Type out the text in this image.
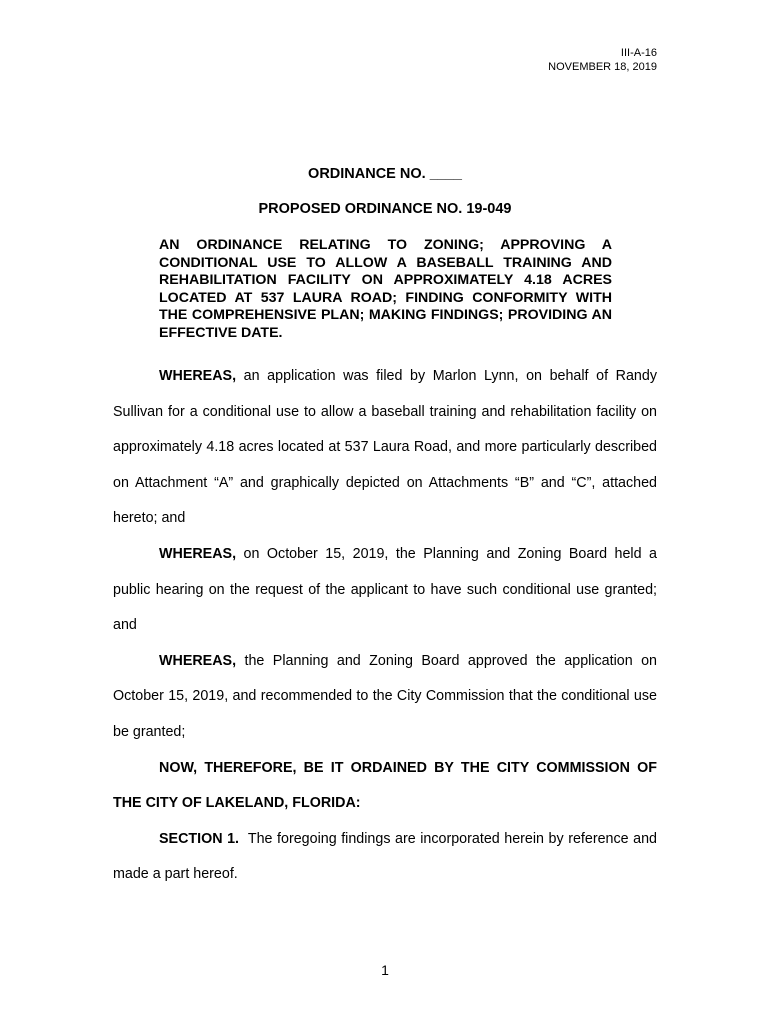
III-A-16
NOVEMBER 18, 2019
ORDINANCE NO. ____
PROPOSED ORDINANCE NO. 19-049
AN ORDINANCE RELATING TO ZONING; APPROVING A CONDITIONAL USE TO ALLOW A BASEBALL TRAINING AND REHABILITATION FACILITY ON APPROXIMATELY 4.18 ACRES LOCATED AT 537 LAURA ROAD; FINDING CONFORMITY WITH THE COMPREHENSIVE PLAN; MAKING FINDINGS; PROVIDING AN EFFECTIVE DATE.

WHEREAS, an application was filed by Marlon Lynn, on behalf of Randy Sullivan for a conditional use to allow a baseball training and rehabilitation facility on approximately 4.18 acres located at 537 Laura Road, and more particularly described on Attachment “A” and graphically depicted on Attachments “B” and “C”, attached hereto; and

WHEREAS, on October 15, 2019, the Planning and Zoning Board held a public hearing on the request of the applicant to have such conditional use granted; and

WHEREAS, the Planning and Zoning Board approved the application on October 15, 2019, and recommended to the City Commission that the conditional use be granted;

NOW, THEREFORE, BE IT ORDAINED BY THE CITY COMMISSION OF THE CITY OF LAKELAND, FLORIDA:

SECTION 1.  The foregoing findings are incorporated herein by reference and made a part hereof.

1
